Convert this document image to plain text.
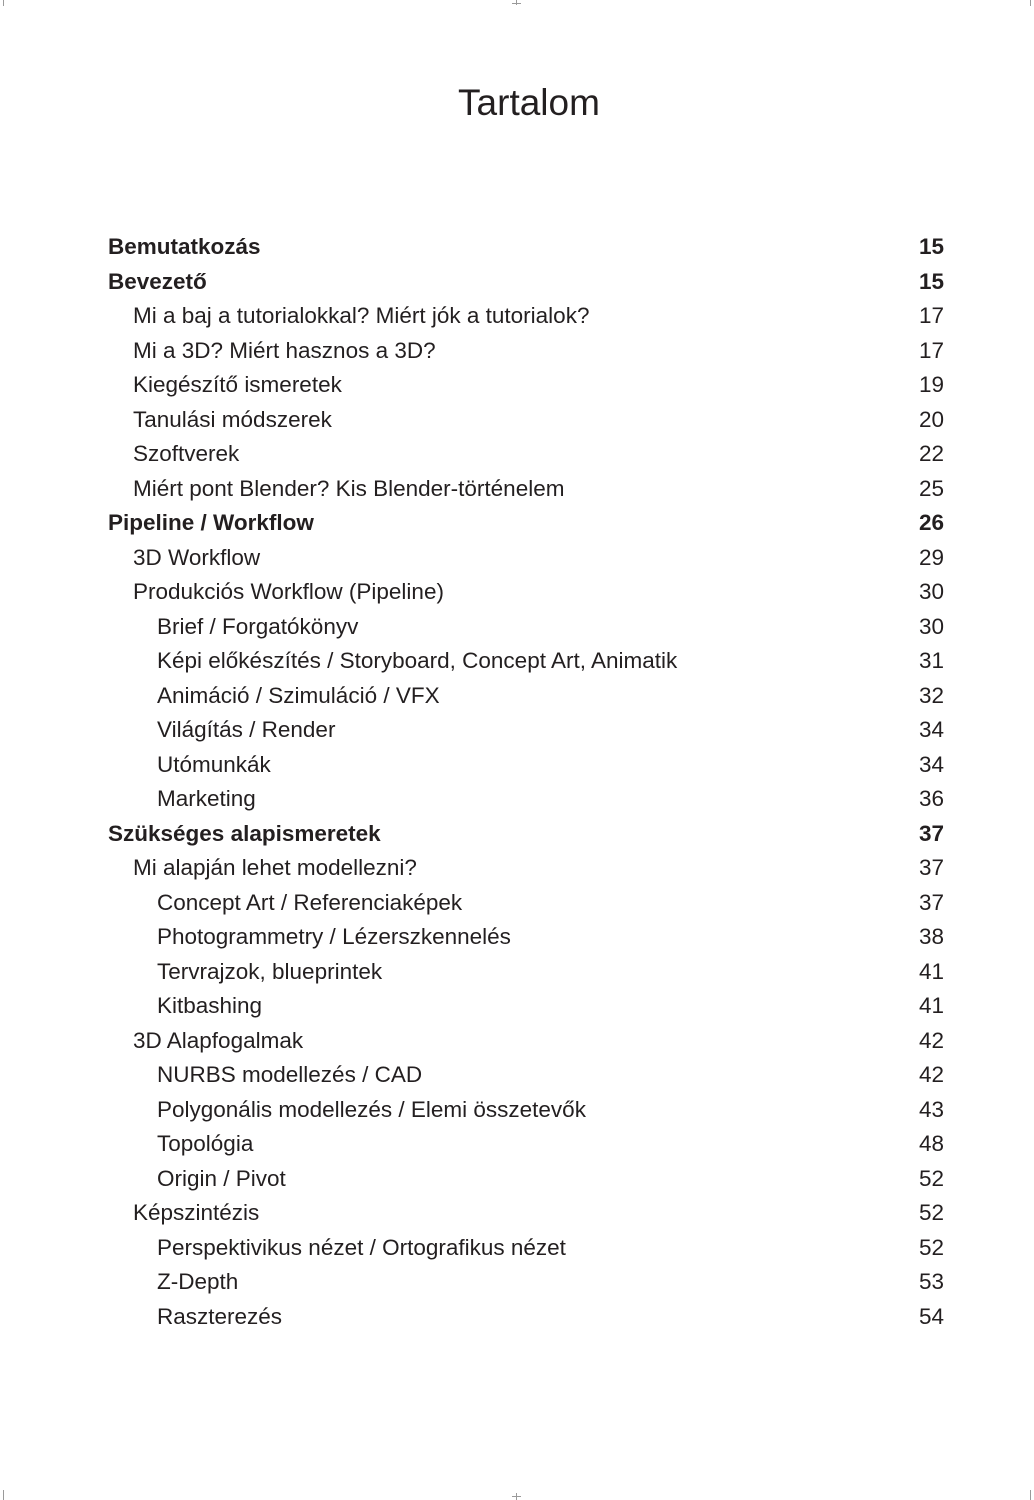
Tartalom
Bemutatkozás	15
Bevezető	15
Mi a baj a tutorialokkal? Miért jók a tutorialok?	17
Mi a 3D? Miért hasznos a 3D?	17
Kiegészítő ismeretek	19
Tanulási módszerek	20
Szoftverek	22
Miért pont Blender? Kis Blender-történelem	25
Pipeline / Workflow	26
3D Workflow	29
Produkciós Workflow (Pipeline)	30
Brief / Forgatókönyv	30
Képi előkészítés / Storyboard, Concept Art, Animatik	31
Animáció / Szimuláció / VFX	32
Világítás / Render	34
Utómunkák	34
Marketing	36
Szükséges alapismeretek	37
Mi alapján lehet modellezni?	37
Concept Art / Referenciaképek	37
Photogrammetry / Lézerszkennelés	38
Tervrajzok, blueprintek	41
Kitbashing	41
3D Alapfogalmak	42
NURBS modellezés / CAD	42
Polygonális modellezés / Elemi összetevők	43
Topológia	48
Origin / Pivot	52
Képszintézis	52
Perspektivikus nézet / Ortografikus nézet	52
Z-Depth	53
Raszterezés	54
